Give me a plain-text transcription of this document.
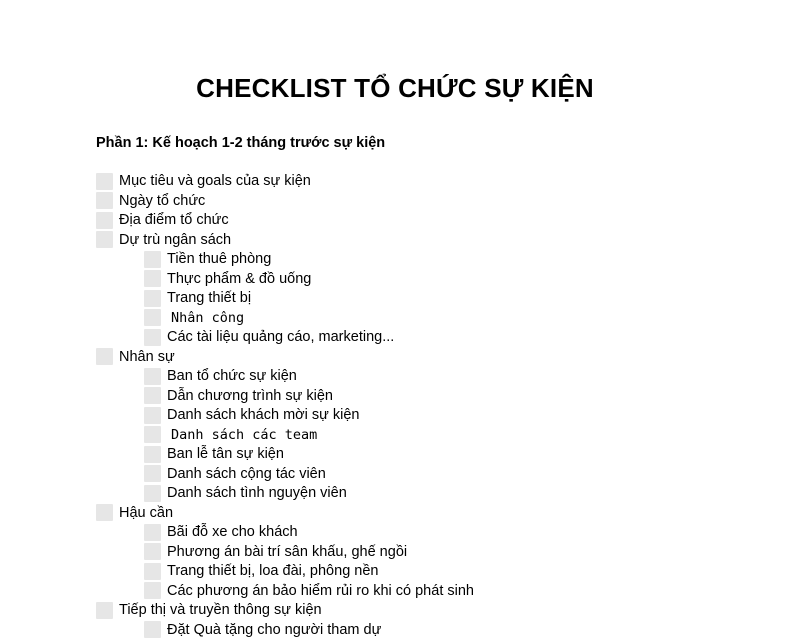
CHECKLIST TỔ CHỨC SỰ KIỆN
Phần 1: Kế hoạch 1-2 tháng trước sự kiện
Mục tiêu và goals của sự kiện
Ngày tổ chức
Địa điểm tổ chức
Dự trù ngân sách
Tiền thuê phòng
Thực phẩm & đồ uống
Trang thiết bị
Nhân công
Các tài liệu quảng cáo, marketing...
Nhân sự
Ban tổ chức sự kiện
Dẫn chương trình sự kiện
Danh sách khách mời sự kiện
Danh sách các team
Ban lễ tân sự kiện
Danh sách cộng tác viên
Danh sách tình nguyện viên
Hậu cần
Bãi đỗ xe cho khách
Phương án bài trí sân khấu, ghế ngồi
Trang thiết bị, loa đài, phông nền
Các phương án bảo hiểm rủi ro khi có phát sinh
Tiếp thị và truyền thông sự kiện
Đặt Quà tặng cho người tham dự
